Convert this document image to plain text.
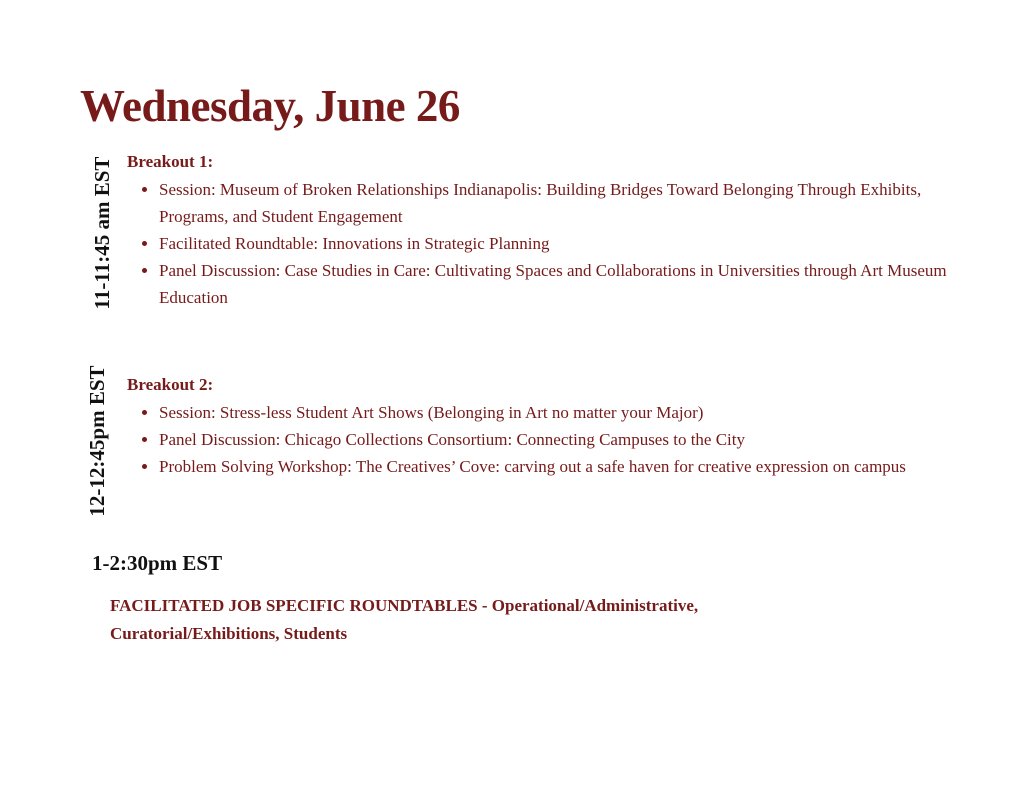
Wednesday, June 26
11-11:45 am EST Breakout 1:
Session: Museum of Broken Relationships Indianapolis: Building Bridges Toward Belonging Through Exhibits, Programs, and Student Engagement
Facilitated Roundtable: Innovations in Strategic Planning
Panel Discussion: Case Studies in Care: Cultivating Spaces and Collaborations in Universities through Art Museum Education
12-12:45pm EST Breakout 2:
Session: Stress-less Student Art Shows (Belonging in Art no matter your Major)
Panel Discussion: Chicago Collections Consortium: Connecting Campuses to the City
Problem Solving Workshop: The Creatives’ Cove: carving out a safe haven for creative expression on campus
1-2:30pm EST

FACILITATED JOB SPECIFIC ROUNDTABLES - Operational/Administrative, Curatorial/Exhibitions, Students
